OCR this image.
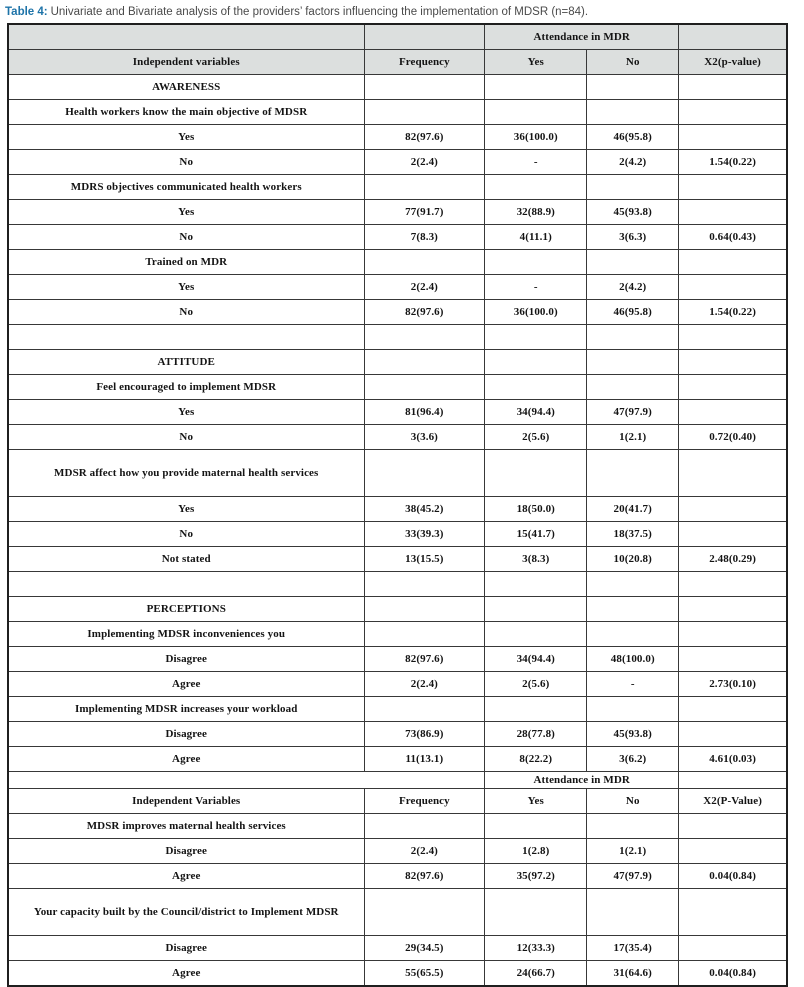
Table 4: Univariate and Bivariate analysis of the providers’ factors influencing the implementation of MDSR (n=84).
		Attendance in MDR		
Independent variables	Frequency	Yes	No	X2(p-value)
AWARENESS				
Health workers know the main objective of MDSR				
Yes	82(97.6)	36(100.0)	46(95.8)	
No	2(2.4)	-	2(4.2)	1.54(0.22)
MDRS objectives communicated health workers				
Yes	77(91.7)	32(88.9)	45(93.8)	
No	7(8.3)	4(11.1)	3(6.3)	0.64(0.43)
Trained on MDR				
Yes	2(2.4)	-	2(4.2)	
No	82(97.6)	36(100.0)	46(95.8)	1.54(0.22)

ATTITUDE				
Feel encouraged to implement MDSR				
Yes	81(96.4)	34(94.4)	47(97.9)	
No	3(3.6)	2(5.6)	1(2.1)	0.72(0.40)
MDSR affect how you provide maternal health services				
Yes	38(45.2)	18(50.0)	20(41.7)	
No	33(39.3)	15(41.7)	18(37.5)	
Not stated	13(15.5)	3(8.3)	10(20.8)	2.48(0.29)

PERCEPTIONS				
Implementing MDSR inconveniences you				
Disagree	82(97.6)	34(94.4)	48(100.0)	
Agree	2(2.4)	2(5.6)	-	2.73(0.10)
Implementing MDSR increases your workload				
Disagree	73(86.9)	28(77.8)	45(93.8)	
Agree	11(13.1)	8(22.2)	3(6.2)	4.61(0.03)
		Attendance in MDR		
Independent Variables	Frequency	Yes	No	X2(P-Value)
MDSR improves maternal health services				
Disagree	2(2.4)	1(2.8)	1(2.1)	
Agree	82(97.6)	35(97.2)	47(97.9)	0.04(0.84)
Your capacity built by the Council/district to Implement MDSR				
Disagree	29(34.5)	12(33.3)	17(35.4)	
Agree	55(65.5)	24(66.7)	31(64.6)	0.04(0.84)
